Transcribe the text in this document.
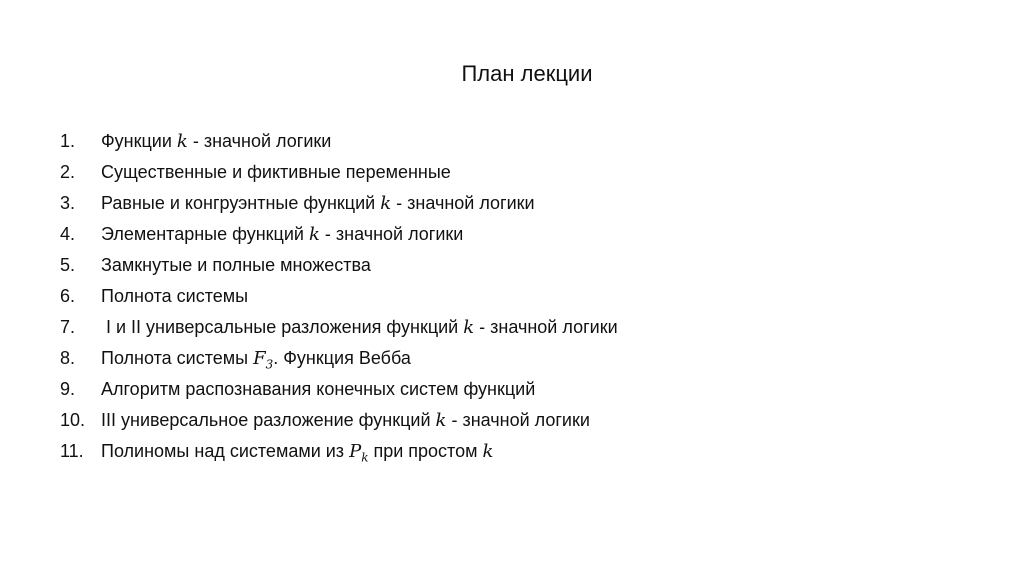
План лекции
1.	Функции k - значной логики
2.	Существенные и фиктивные переменные
3.	Равные и конгруэнтные функций k - значной логики
4.	Элементарные функций k - значной логики
5.	Замкнутые и полные множества
6.	Полнота системы
7.	I и II универсальные разложения функций k - значной логики
8.	Полнота системы $F_3$. Функция Вебба
9.	Алгоритм распознавания конечных систем функций
10. III универсальное разложение функций k - значной логики
11. Полиномы над системами из $P_k$ при простом k
